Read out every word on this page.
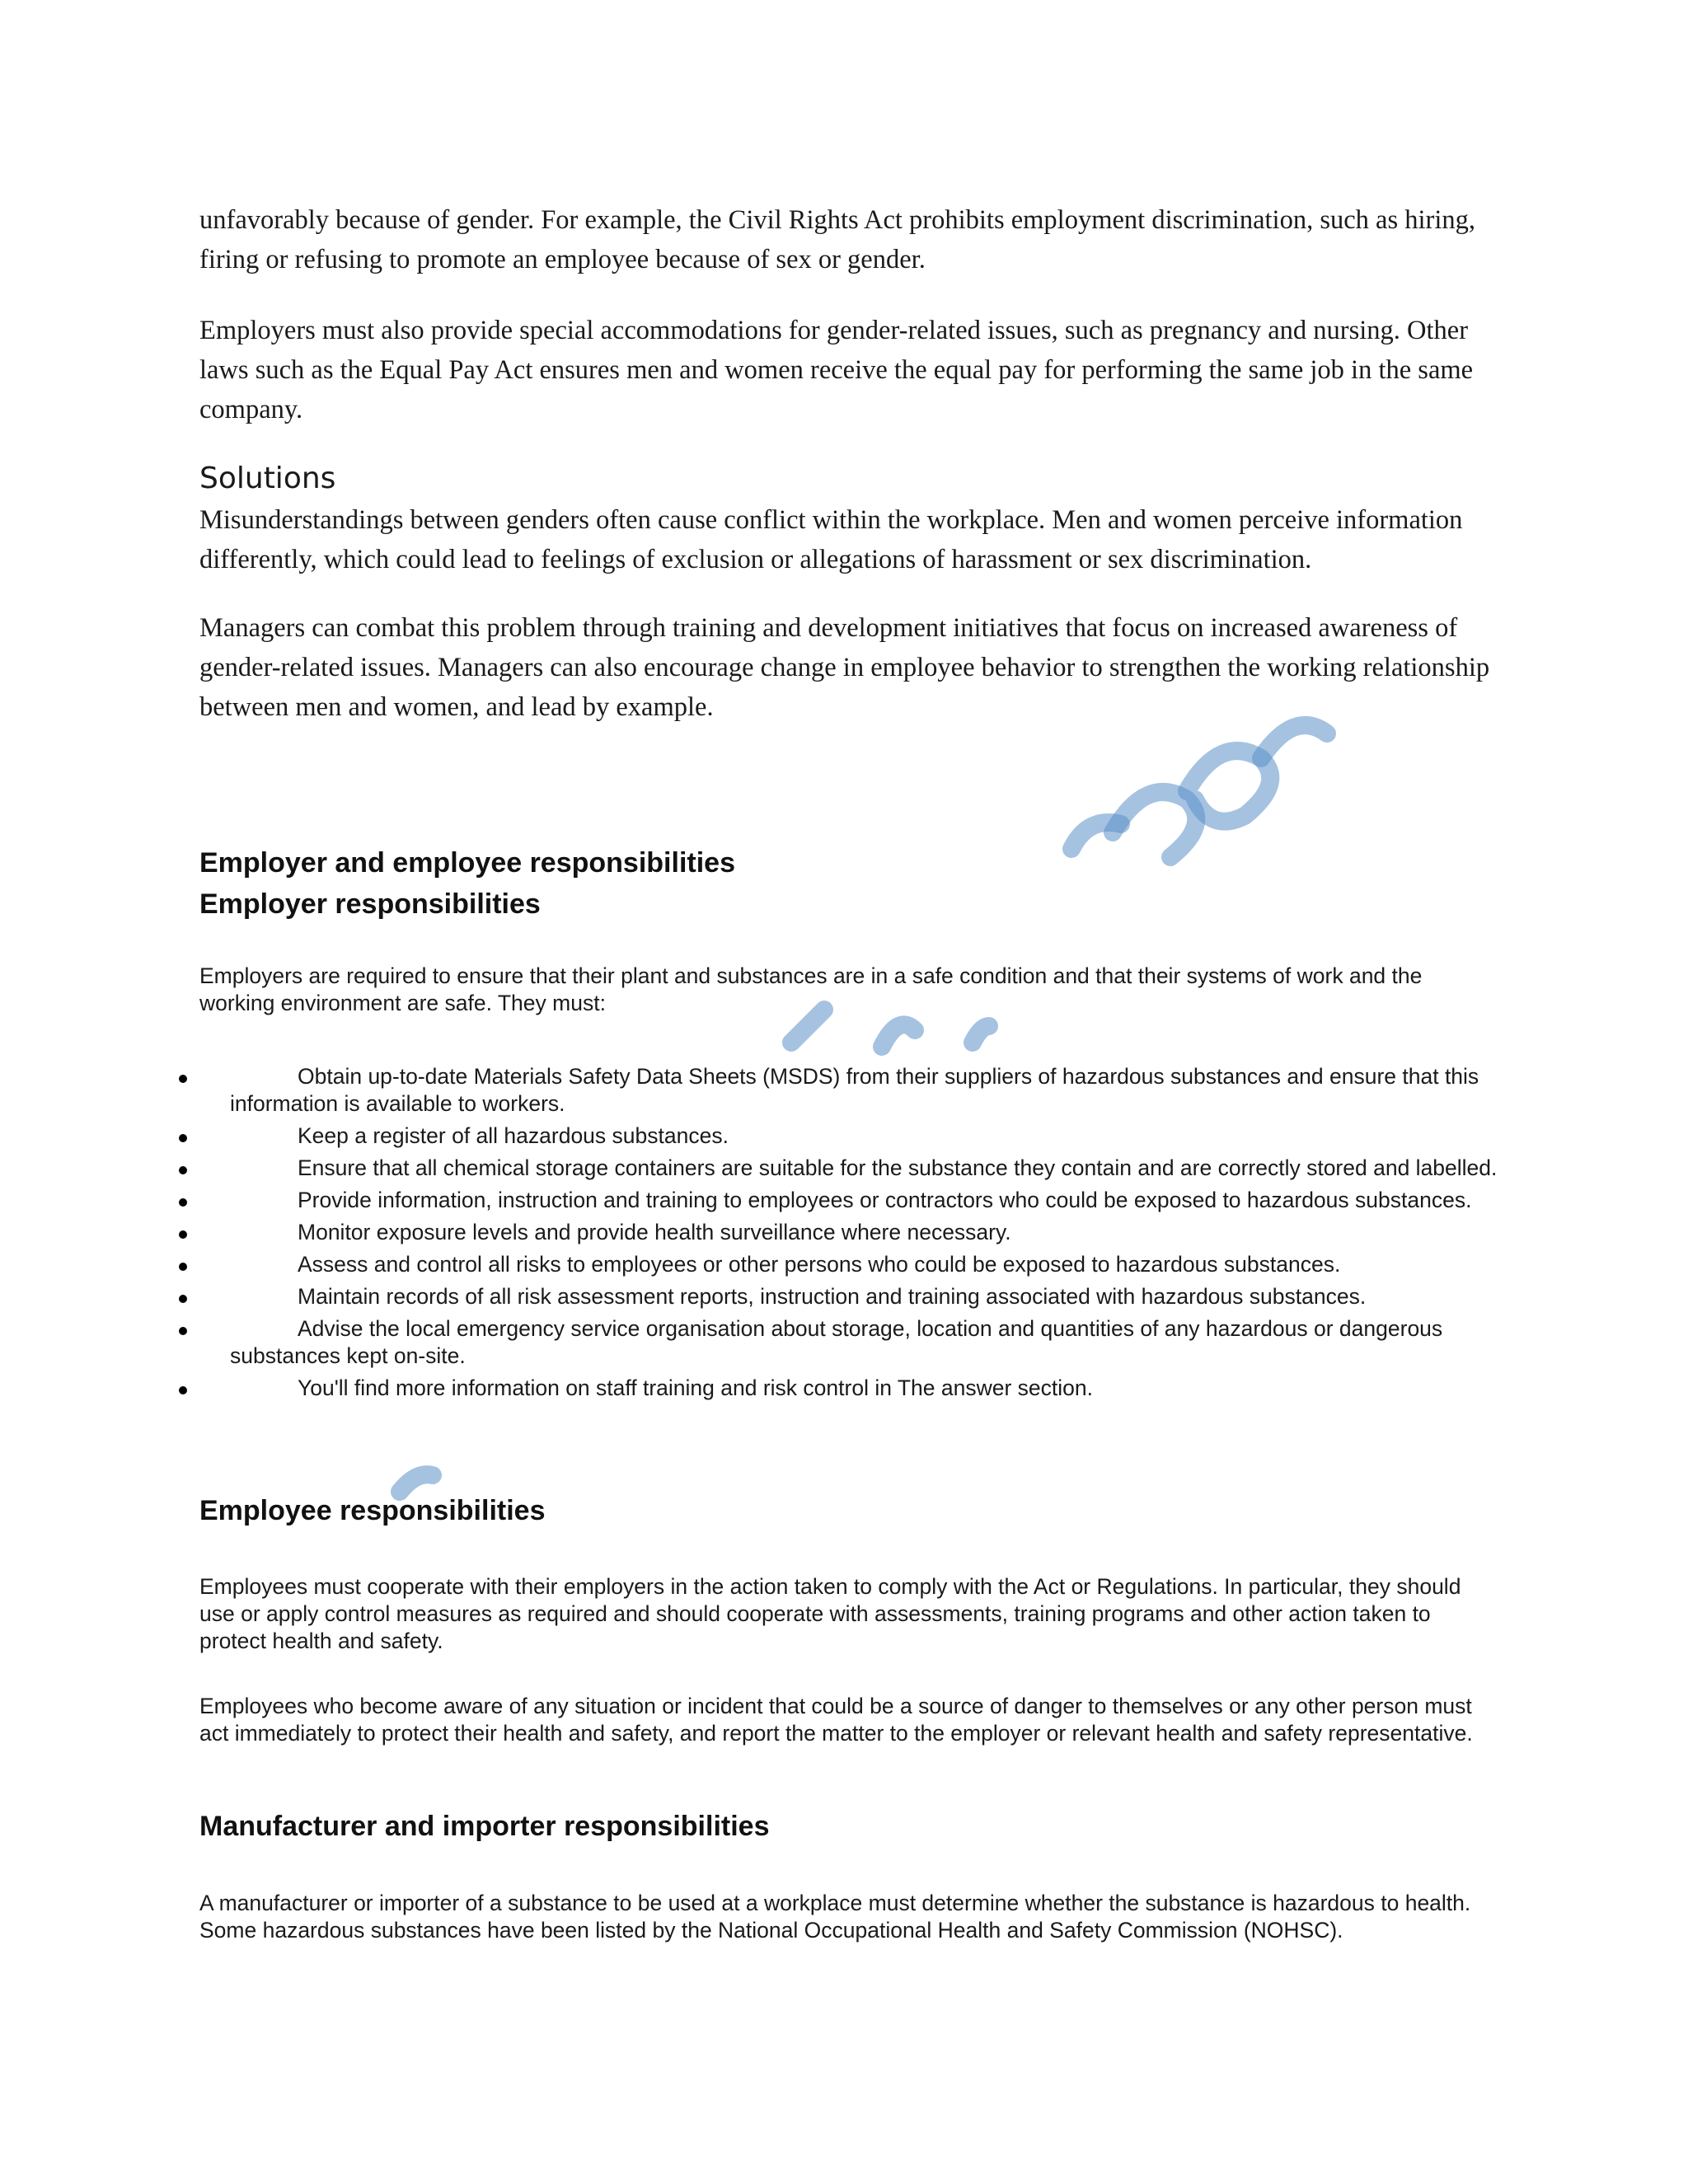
unfavorably because of gender. For example, the Civil Rights Act prohibits employment discrimination, such as hiring, firing or refusing to promote an employee because of sex or gender.

Employers must also provide special accommodations for gender-related issues, such as pregnancy and nursing. Other laws such as the Equal Pay Act ensures men and women receive the equal pay for performing the same job in the same company.

Solutions

Misunderstandings between genders often cause conflict within the workplace. Men and women perceive information differently, which could lead to feelings of exclusion or allegations of harassment or sex discrimination.

Managers can combat this problem through training and development initiatives that focus on increased awareness of gender-related issues. Managers can also encourage change in employee behavior to strengthen the working relationship between men and women, and lead by example.

Employer and employee responsibilities
Employer responsibilities

Employers are required to ensure that their plant and substances are in a safe condition and that their systems of work and the working environment are safe. They must:

Obtain up-to-date Materials Safety Data Sheets (MSDS) from their suppliers of hazardous substances and ensure that this information is available to workers.
Keep a register of all hazardous substances.
Ensure that all chemical storage containers are suitable for the substance they contain and are correctly stored and labelled.
Provide information, instruction and training to employees or contractors who could be exposed to hazardous substances.
Monitor exposure levels and provide health surveillance where necessary.
Assess and control all risks to employees or other persons who could be exposed to hazardous substances.
Maintain records of all risk assessment reports, instruction and training associated with hazardous substances.
Advise the local emergency service organisation about storage, location and quantities of any hazardous or dangerous substances kept on-site.
You'll find more information on staff training and risk control in The answer section.
Employee responsibilities

Employees must cooperate with their employers in the action taken to comply with the Act or Regulations. In particular, they should use or apply control measures as required and should cooperate with assessments, training programs and other action taken to protect health and safety.

Employees who become aware of any situation or incident that could be a source of danger to themselves or any other person must act immediately to protect their health and safety, and report the matter to the employer or relevant health and safety representative.

Manufacturer and importer responsibilities

A manufacturer or importer of a substance to be used at a workplace must determine whether the substance is hazardous to health. Some hazardous substances have been listed by the National Occupational Health and Safety Commission (NOHSC).
